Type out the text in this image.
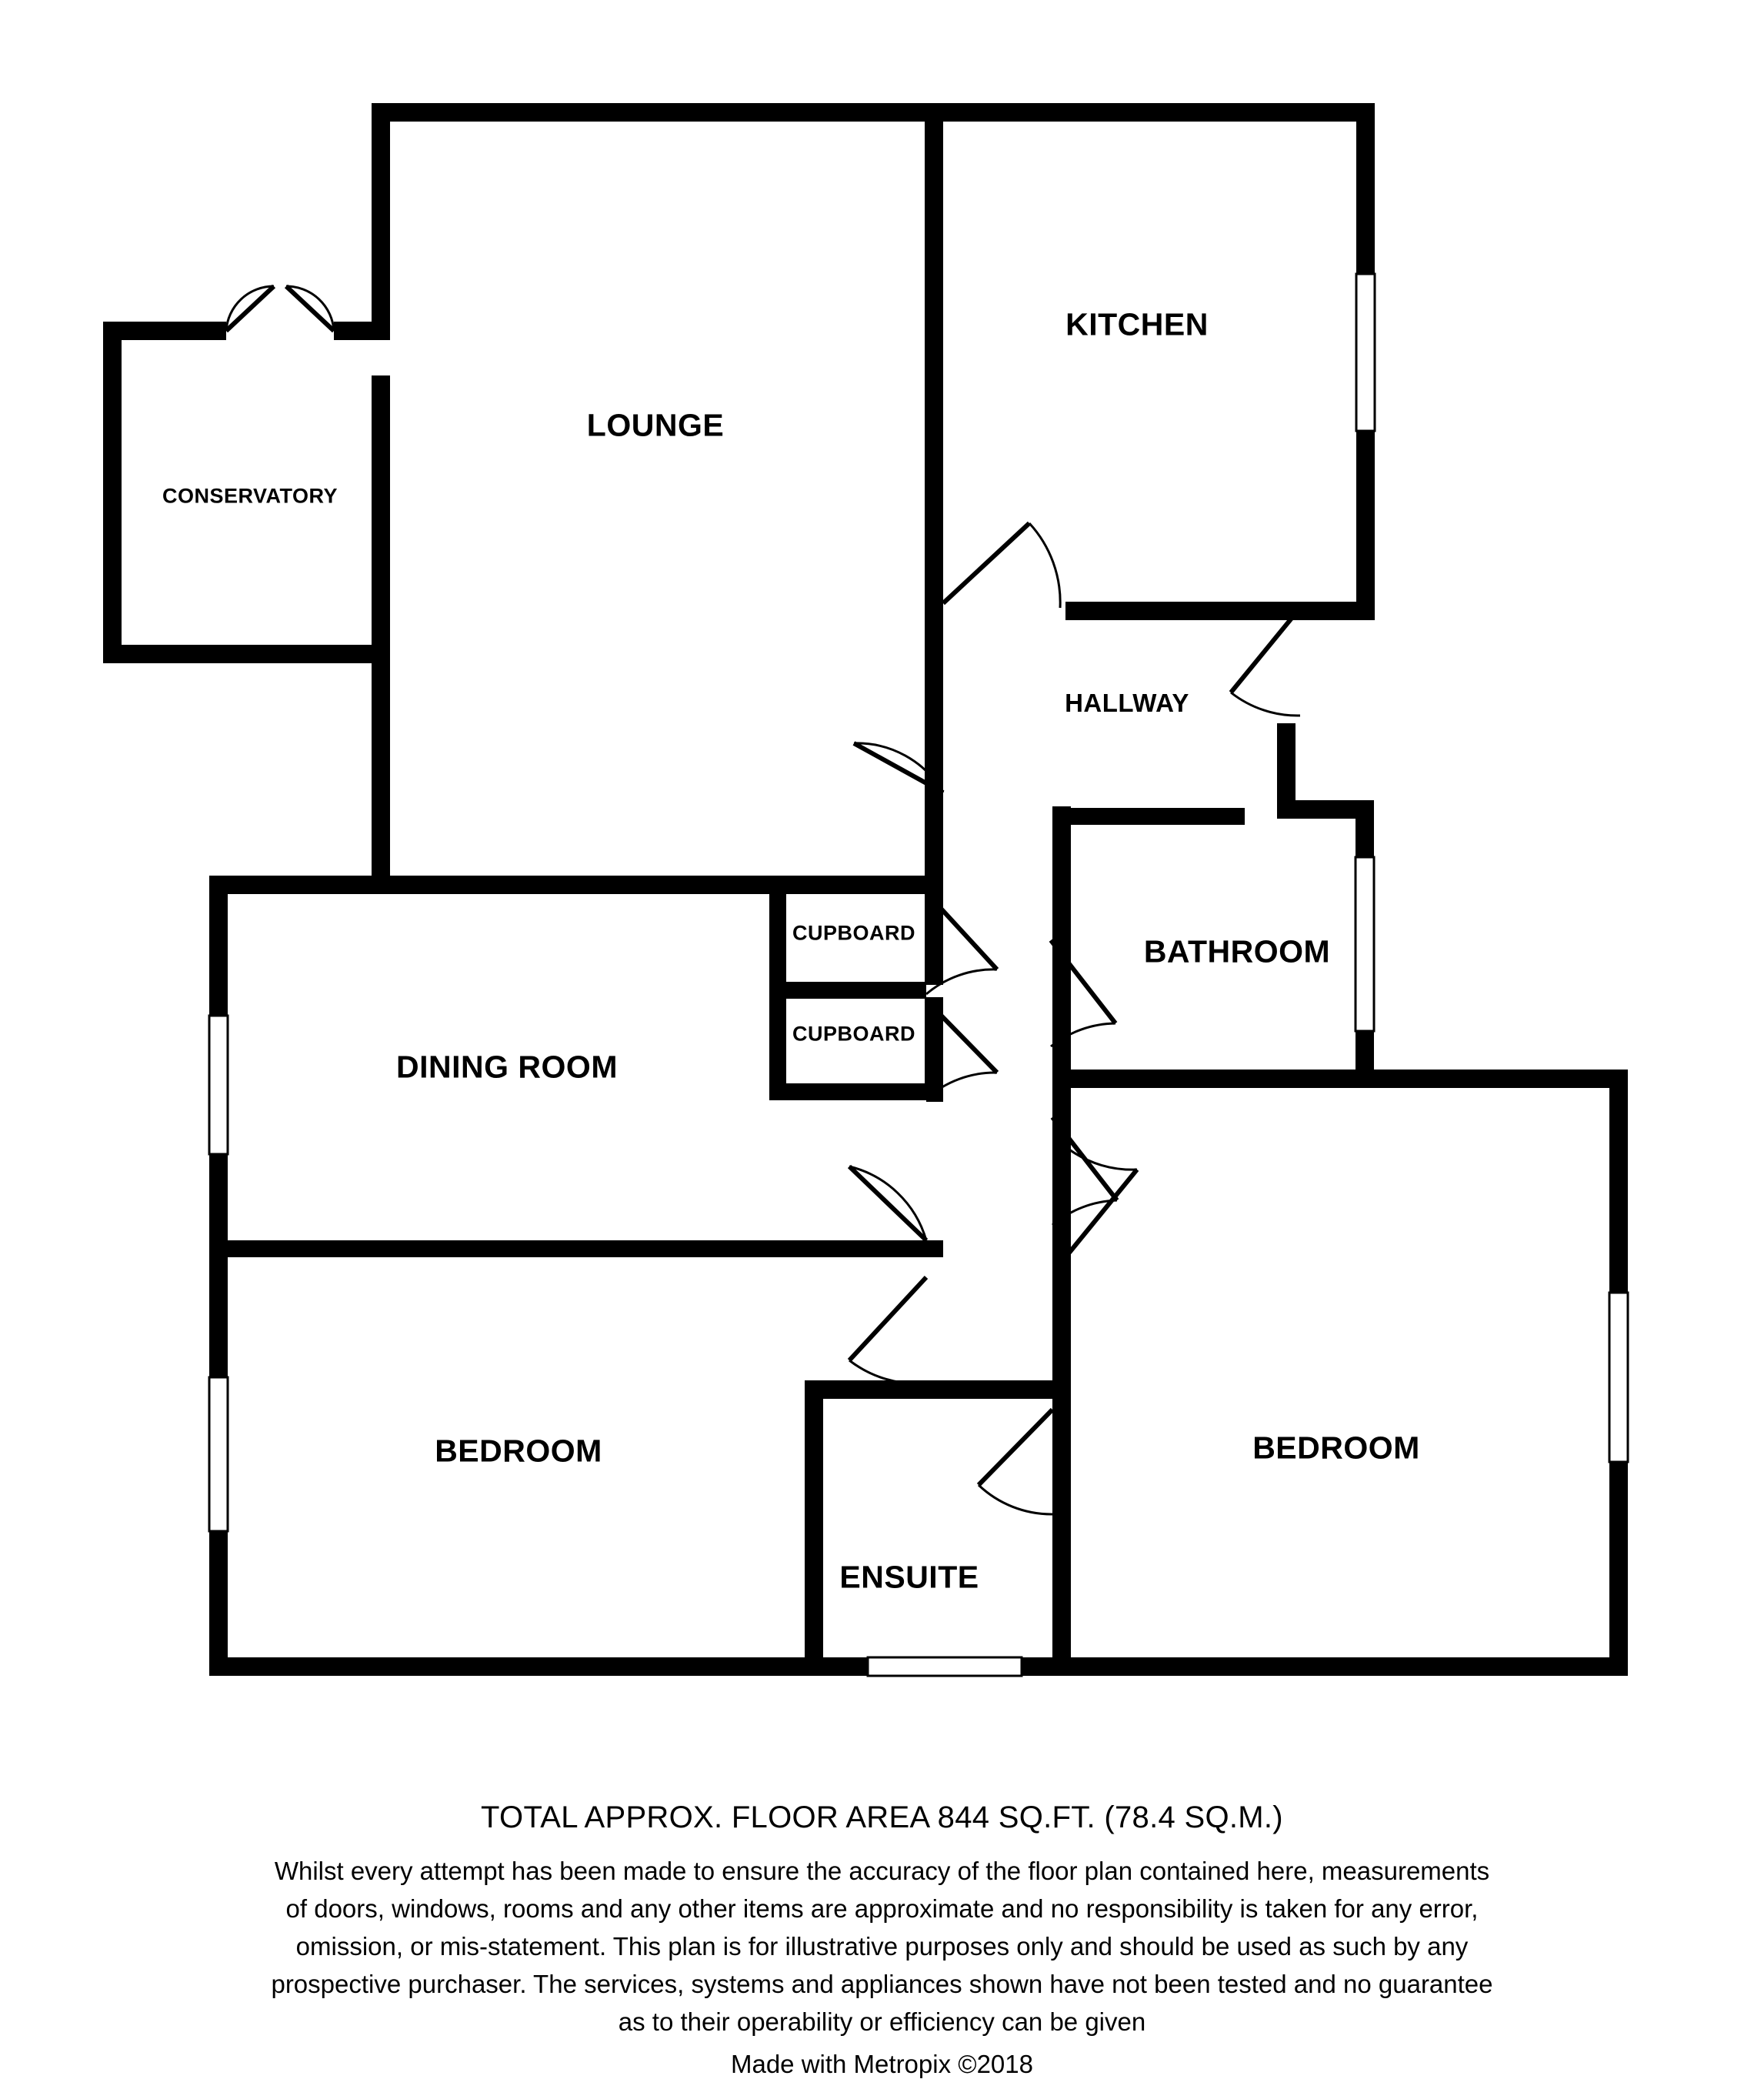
CONSERVATORY
LOUNGE
KITCHEN
HALLWAY
BATHROOM
CUPBOARD
CUPBOARD
DINING ROOM
BEDROOM	BEDROOM
ENSUITE
TOTAL APPROX. FLOOR AREA 844 SQ.FT. (78.4 SQ.M.)
Whilst every attempt has been made to ensure the accuracy of the floor plan contained here, measurements
of doors, windows, rooms and any other items are approximate and no responsibility is taken for any error,
omission, or mis-statement. This plan is for illustrative purposes only and should be used as such by any
prospective purchaser. The services, systems and appliances shown have not been tested and no guarantee
as to their operability or efficiency can be given
Made with Metropix ©2018
